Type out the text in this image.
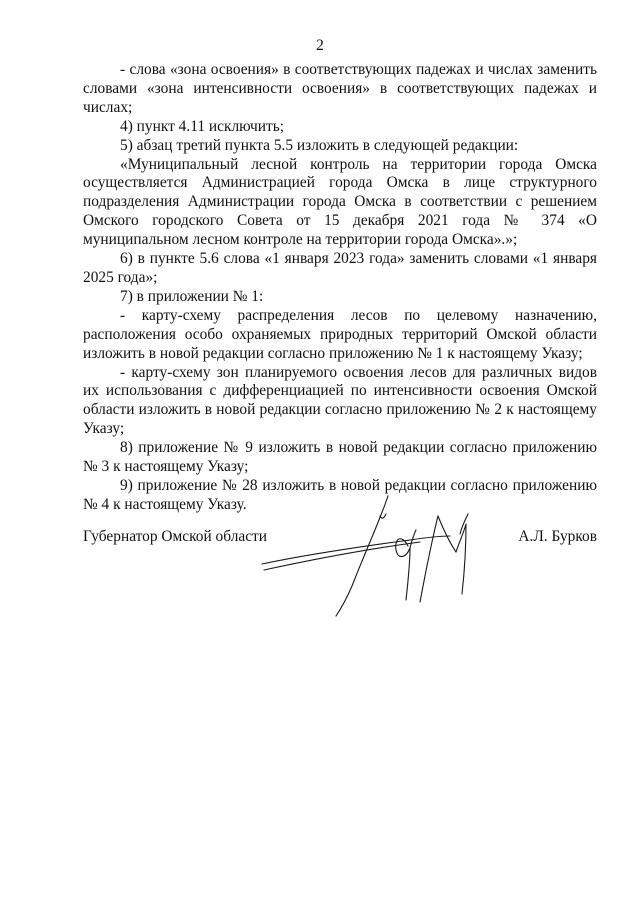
2

- слова «зона освоения» в соответствующих падежах и числах заменить словами «зона интенсивности освоения» в соответствующих падежах и числах;

4) пункт 4.11 исключить;

5) абзац третий пункта 5.5 изложить в следующей редакции:

«Муниципальный лесной контроль на территории города Омска осуществляется Администрацией города Омска в лице структурного подразделения Администрации города Омска в соответствии с решением Омского городского Совета от 15 декабря 2021 года № 374 «О муниципальном лесном контроле на территории города Омска».»;

6) в пункте 5.6 слова «1 января 2023 года» заменить словами «1 января 2025 года»;

7) в приложении № 1:

- карту-схему распределения лесов по целевому назначению, расположения особо охраняемых природных территорий Омской области изложить в новой редакции согласно приложению № 1 к настоящему Указу;

- карту-схему зон планируемого освоения лесов для различных видов их использования с дифференциацией по интенсивности освоения Омской области изложить в новой редакции согласно приложению № 2 к настоящему Указу;

8) приложение № 9 изложить в новой редакции согласно приложению № 3 к настоящему Указу;

9) приложение № 28 изложить в новой редакции согласно приложению № 4 к настоящему Указу.

Губернатор Омской области	А.Л. Бурков
